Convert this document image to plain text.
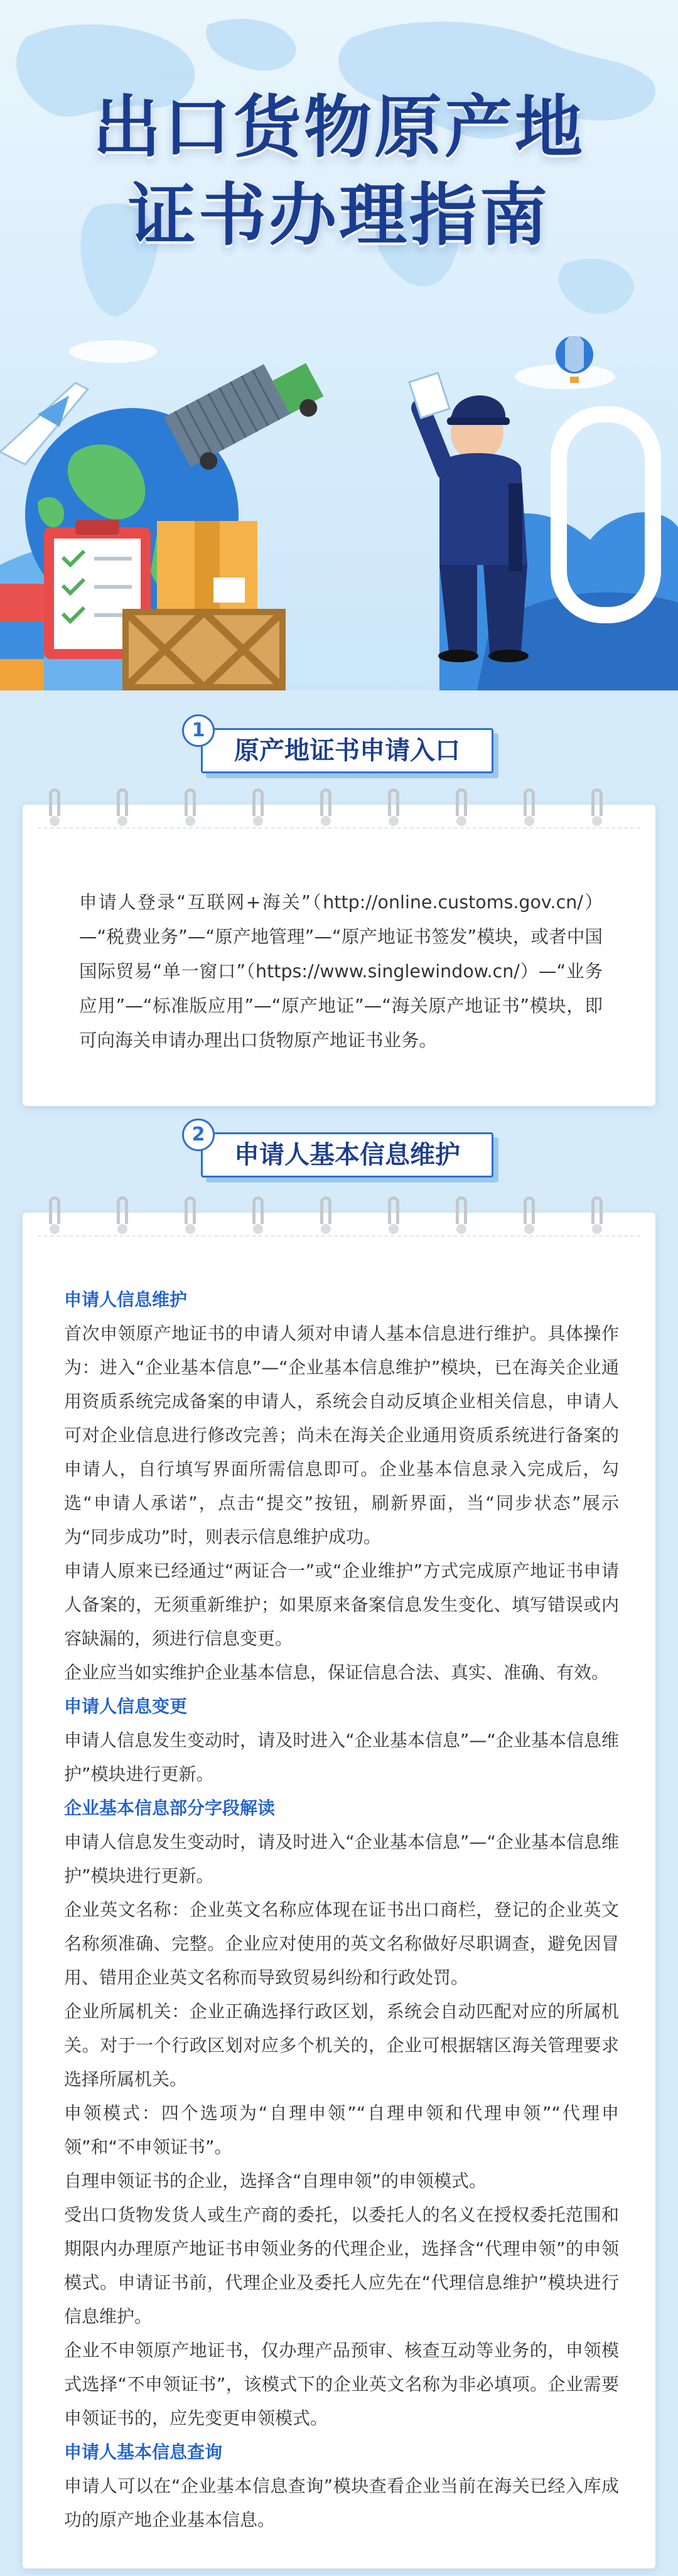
出口货物原产地
证书办理指南
原产地证书申请入口
1

申请人登录“互联网+海关”（http://online.customs.gov.cn/）—“税费业务”—“原产地管理”—“原产地证书签发”模块，或者中国国际贸易“单一窗口”（https://www.singlewindow.cn/）—“业务应用”—“标准版应用”—“原产地证”—“海关原产地证书”模块，即可向海关申请办理出口货物原产地证书业务。

申请人基本信息维护
2

申请人信息维护

首次申领原产地证书的申请人须对申请人基本信息进行维护。具体操作为：进入“企业基本信息”—“企业基本信息维护”模块，已在海关企业通用资质系统完成备案的申请人，系统会自动反填企业相关信息，申请人可对企业信息进行修改完善；尚未在海关企业通用资质系统进行备案的申请人，自行填写界面所需信息即可。企业基本信息录入完成后，勾选“申请人承诺”，点击“提交”按钮，刷新界面，当“同步状态”展示为“同步成功”时，则表示信息维护成功。

申请人原来已经通过“两证合一”或“企业维护”方式完成原产地证书申请人备案的，无须重新维护；如果原来备案信息发生变化、填写错误或内容缺漏的，须进行信息变更。

企业应当如实维护企业基本信息，保证信息合法、真实、准确、有效。

申请人信息变更

申请人信息发生变动时，请及时进入“企业基本信息”—“企业基本信息维护”模块进行更新。

企业基本信息部分字段解读

申请人信息发生变动时，请及时进入“企业基本信息”—“企业基本信息维护”模块进行更新。

企业英文名称：企业英文名称应体现在证书出口商栏，登记的企业英文名称须准确、完整。企业应对使用的英文名称做好尽职调查，避免因冒用、错用企业英文名称而导致贸易纠纷和行政处罚。

企业所属机关：企业正确选择行政区划，系统会自动匹配对应的所属机关。对于一个行政区划对应多个机关的，企业可根据辖区海关管理要求选择所属机关。

申领模式：四个选项为“自理申领”“自理申领和代理申领”“代理申领”和“不申领证书”。

自理申领证书的企业，选择含“自理申领”的申领模式。

受出口货物发货人或生产商的委托，以委托人的名义在授权委托范围和期限内办理原产地证书申领业务的代理企业，选择含“代理申领”的申领模式。申请证书前，代理企业及委托人应先在“代理信息维护”模块进行信息维护。

企业不申领原产地证书，仅办理产品预审、核查互动等业务的，申领模式选择“不申领证书”，该模式下的企业英文名称为非必填项。企业需要申领证书的，应先变更申领模式。

申请人基本信息查询

申请人可以在“企业基本信息查询”模块查看企业当前在海关已经入库成功的原产地企业基本信息。
